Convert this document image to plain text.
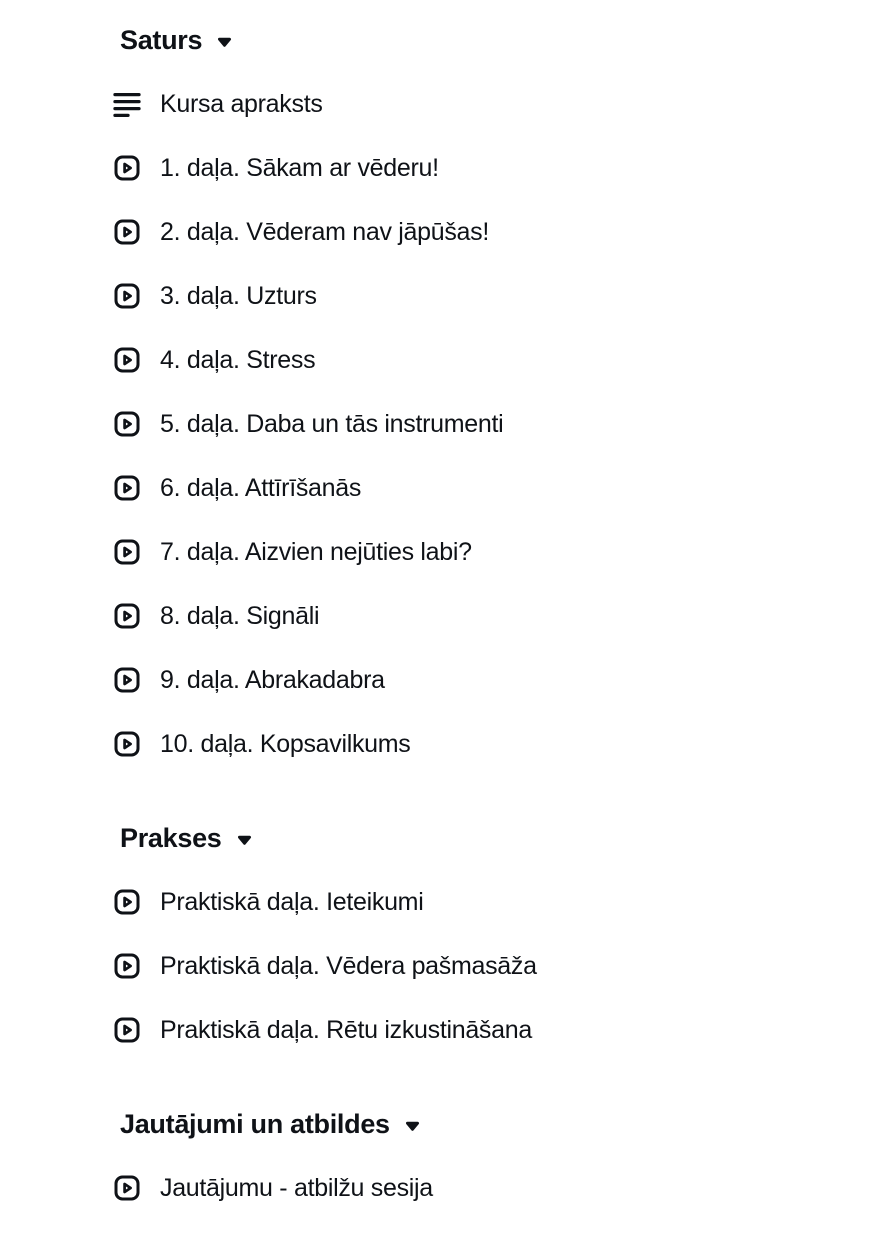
Saturs
Kursa apraksts
1. daļa. Sākam ar vēderu!
2. daļa. Vēderam nav jāpūšas!
3. daļa. Uzturs
4. daļa. Stress
5. daļa. Daba un tās instrumenti
6. daļa. Attīrīšanās
7. daļa. Aizvien nejūties labi?
8. daļa. Signāli
9. daļa. Abrakadabra
10. daļa. Kopsavilkums
Prakses
Praktiskā daļa. Ieteikumi
Praktiskā daļa. Vēdera pašmasāža
Praktiskā daļa. Rētu izkustināšana
Jautājumi un atbildes
Jautājumu - atbilžu sesija
